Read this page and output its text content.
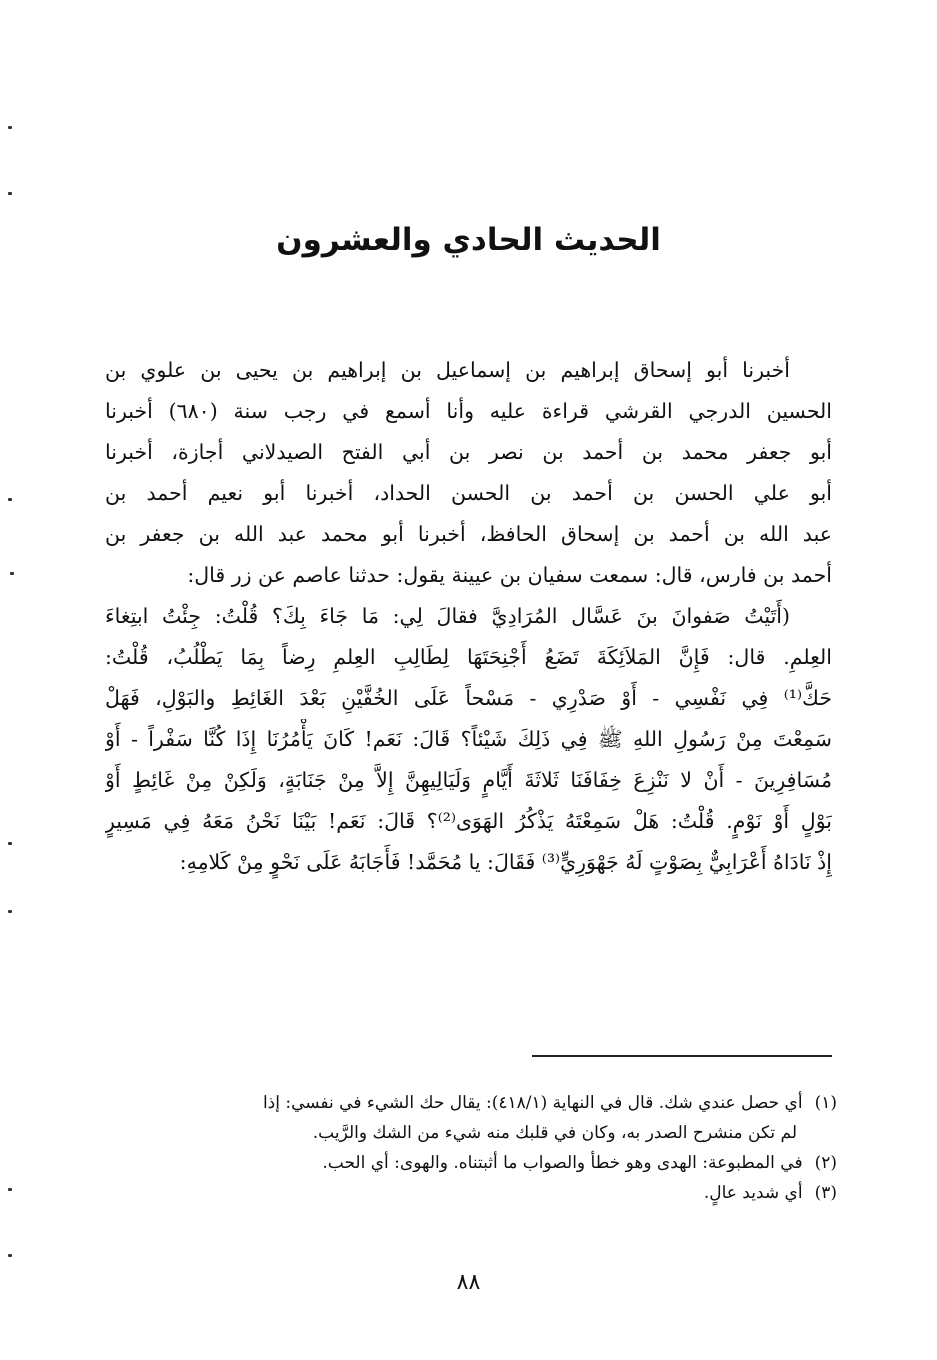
الحديث الحادي والعشرون
أخبرنا أبو إسحاق إبراهيم بن إسماعيل بن إبراهيم بن يحيى بن علوي بن
الحسين الدرجي القرشي قراءة عليه وأنا أسمع في رجب سنة (٦٨٠) أخبرنا
أبو جعفر محمد بن أحمد بن نصر بن أبي الفتح الصيدلاني أجازة، أخبرنا
أبو علي الحسن بن أحمد بن الحسن الحداد، أخبرنا أبو نعيم أحمد بن
عبد الله بن أحمد بن إسحاق الحافظ، أخبرنا أبو محمد عبد الله بن جعفر بن
أحمد بن فارس، قال: سمعت سفيان بن عيينة يقول: حدثنا عاصم عن زر قال:
(أَتَيْتُ صَفوانَ بنَ عَسَّال المُرَادِيَّ فقالَ لِي: مَا جَاءَ بِكَ؟ قُلْتُ: جِئْتُ ابتِغاءَ
العِلمِ. قال: فَإِنَّ المَلاَئِكَةَ تَضَعُ أَجْنِحَتَهَا لِطَالِبِ العِلمِ رِضاً بِمَا يَطْلُبُ، قُلْتُ:
حَكَّ⁽¹⁾ فِي نَفْسِي - أَوْ صَدْرِي - مَسْحاً عَلَى الخُفَّيْنِ بَعْدَ الغَائِطِ والبَوْلِ، فَهَلْ
سَمِعْتَ مِنْ رَسُولِ اللهِ ﷺ فِي ذَلِكَ شَيْئاً؟ قَالَ: نَعَم! كَانَ يَأْمُرُنَا إِذَا كُنَّا سَفْراً - أَوْ
مُسَافِرِينَ - أَنْ لا نَنْزِعَ خِفَافَنَا ثَلاثَةَ أَيَّامٍ وَلَيَالِيهِنَّ إِلاَّ مِنْ جَنَابَةٍ، وَلَكِنْ مِنْ غَائِطٍ أَوْ
بَوْلٍ أَوْ نَوْمٍ. قُلْتُ: هَلْ سَمِعْتَهُ يَذْكُرُ الهَوَى⁽²⁾؟ قَالَ: نَعَم! بَيْنَا نَحْنُ مَعَهُ فِي مَسِيرٍ
إِذْ نَادَاهُ أَعْرَابِيٌّ بِصَوْتٍ لَهُ جَهْوَرِيٍّ⁽³⁾ فَقَالَ: يا مُحَمَّد! فَأَجَابَهُ عَلَى نَحْوٍ مِنْ كَلامِهِ:
(١)أي حصل عندي شك. قال في النهاية (٤١٨/١): يقال حك الشيء في نفسي: إذا
لم تكن منشرح الصدر به، وكان في قلبك منه شيء من الشك والرَّيب.
(٢)في المطبوعة: الهدى وهو خطأ والصواب ما أثبتناه. والهوى: أي الحب.
(٣)أي شديد عالٍ.
٨٨
